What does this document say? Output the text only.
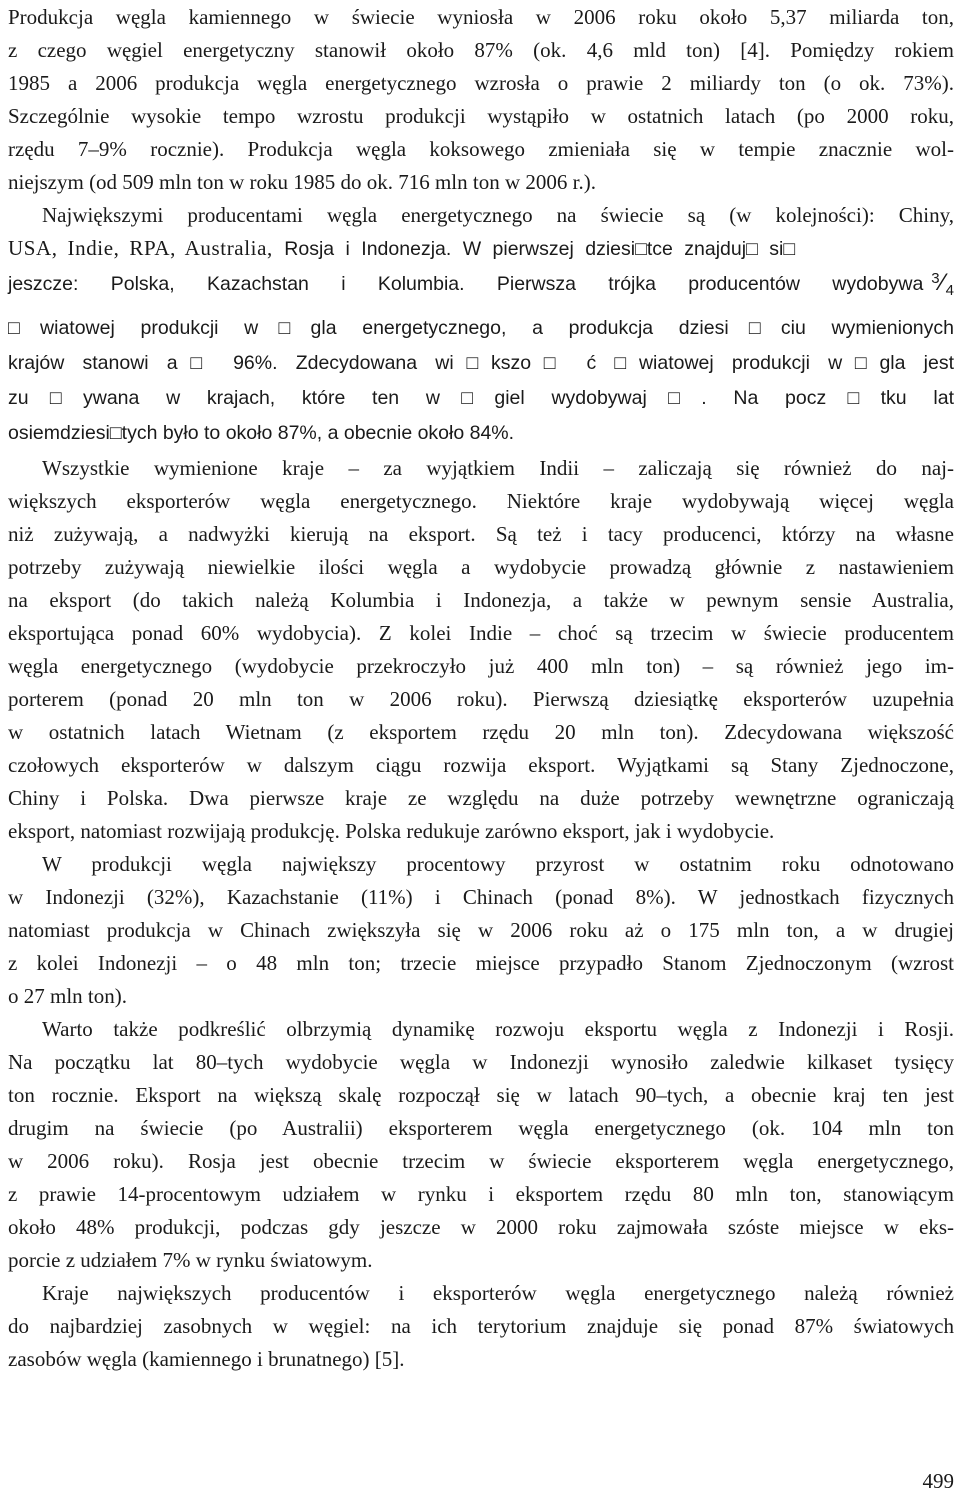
Produkcja węgla kamiennego w świecie wyniosła w 2006 roku około 5,37 miliarda ton,
z czego węgiel energetyczny stanowił około 87% (ok. 4,6 mld ton) [4]. Pomiędzy rokiem
1985 a 2006 produkcja węgla energetycznego wzrosła o prawie 2 miliardy ton (o ok. 73%).
Szczególnie wysokie tempo wzrostu produkcji wystąpiło w ostatnich latach (po 2000 roku,
rzędu 7–9% rocznie). Produkcja węgla koksowego zmieniała się w tempie znacznie wol-
niejszym (od 509 mln ton w roku 1985 do ok. 716 mln ton w 2006 r.).
Największymi producentami węgla energetycznego na świecie są (w kolejności): Chiny,
USA, Indie, RPA, Australia, Rosja i Indonezja. W pierwszej dziesi□tce znajduj□ si□
jeszcze: Polska, Kazachstan i Kolumbia. Pierwsza trójka producentów wydobywa 3⁄4
□wiatowej produkcji w□gla energetycznego, a produkcja dziesi□ciu wymienionych
krajów stanowi a□ 96%. Zdecydowana wi□kszo□ ć □wiatowej produkcji w□gla jest
zu□ywana w krajach, które ten w□giel wydobywaj□. Na pocz□tku lat
osiemdziesi□tych było to około 87%, a obecnie około 84%.
Wszystkie wymienione kraje – za wyjątkiem Indii – zaliczają się również do naj-
większych eksporterów węgla energetycznego. Niektóre kraje wydobywają więcej węgla
niż zużywają, a nadwyżki kierują na eksport. Są też i tacy producenci, którzy na własne
potrzeby zużywają niewielkie ilości węgla a wydobycie prowadzą głównie z nastawieniem
na eksport (do takich należą Kolumbia i Indonezja, a także w pewnym sensie Australia,
eksportująca ponad 60% wydobycia). Z kolei Indie – choć są trzecim w świecie producentem
węgla energetycznego (wydobycie przekroczyło już 400 mln ton) – są również jego im-
porterem (ponad 20 mln ton w 2006 roku). Pierwszą dziesiątkę eksporterów uzupełnia
w ostatnich latach Wietnam (z eksportem rzędu 20 mln ton). Zdecydowana większość
czołowych eksporterów w dalszym ciągu rozwija eksport. Wyjątkami są Stany Zjednoczone,
Chiny i Polska. Dwa pierwsze kraje ze względu na duże potrzeby wewnętrzne ograniczają
eksport, natomiast rozwijają produkcję. Polska redukuje zarówno eksport, jak i wydobycie.
W produkcji węgla największy procentowy przyrost w ostatnim roku odnotowano
w Indonezji (32%), Kazachstanie (11%) i Chinach (ponad 8%). W jednostkach fizycznych
natomiast produkcja w Chinach zwiększyła się w 2006 roku aż o 175 mln ton, a w drugiej
z kolei Indonezji – o 48 mln ton; trzecie miejsce przypadło Stanom Zjednoczonym (wzrost
o 27 mln ton).
Warto także podkreślić olbrzymią dynamikę rozwoju eksportu węgla z Indonezji i Rosji.
Na początku lat 80–tych wydobycie węgla w Indonezji wynosiło zaledwie kilkaset tysięcy
ton rocznie. Eksport na większą skalę rozpoczął się w latach 90–tych, a obecnie kraj ten jest
drugim na świecie (po Australii) eksporterem węgla energetycznego (ok. 104 mln ton
w 2006 roku). Rosja jest obecnie trzecim w świecie eksporterem węgla energetycznego,
z prawie 14-procentowym udziałem w rynku i eksportem rzędu 80 mln ton, stanowiącym
około 48% produkcji, podczas gdy jeszcze w 2000 roku zajmowała szóste miejsce w eks-
porcie z udziałem 7% w rynku światowym.
Kraje największych producentów i eksporterów węgla energetycznego należą również
do najbardziej zasobnych w węgiel: na ich terytorium znajduje się ponad 87% światowych
zasobów węgla (kamiennego i brunatnego) [5].
499
